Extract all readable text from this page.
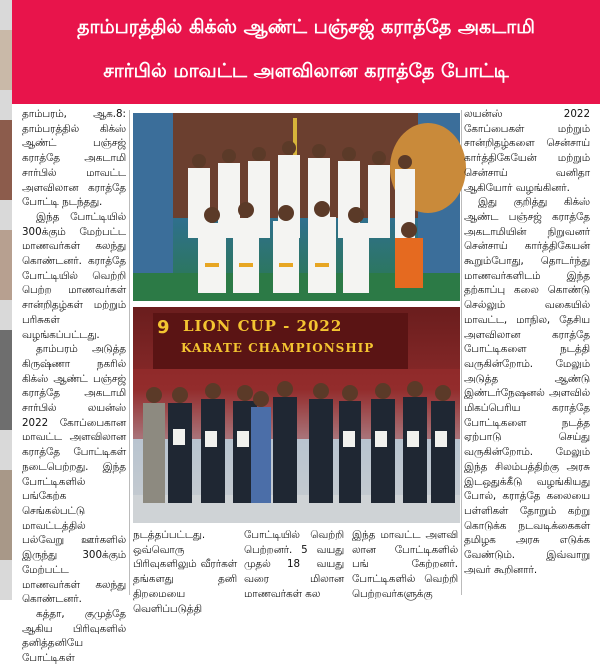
தாம்பரத்தில் கிக்ஸ் ஆண்ட் பஞ்சஜ் கராத்தே அகடாமி
சார்பில் மாவட்ட அளவிலான கராத்தே போட்டி

தாம்பரம், ஆக.8: தாம்பரத்தில் கிக்ஸ் ஆண்ட் பஞ்சஜ் கராத்தே அகடாமி சார்பில் மாவட்ட அளவிலான கராத்தே போட்டி நடந்தது.

இந்த போட்டியில் 300க்கும் மேற்பட்ட மாணவர்கள் கலந்து கொண்டனர். கராத்தே போட்டியில் வெற்றி பெற்ற மாணவர்கள் சான்றிதழ்கள் மற்றும் பரிசுகள் வழங்கப்பட்டது.

தாம்பரம் அடுத்த கிருஷ்ணா நகரில் கிக்ஸ் ஆண்ட் பஞ்சஜ் கராத்தே அகடாமி சார்பில் லயன்ஸ் 2022 கோப்பைகான மாவட்ட அளவிலான கராத்தே போட்டிகள் நடைபெற்றது. இந்த போட்டிகளில் பங்கேற்க செங்கல்பட்டு மாவட்டத்தில் பல்வேறு ஊர்களில் இருந்து 300க்கும் மேற்பட்ட மாணவர்கள் கலந்து கொண்டனர்.

கத்தா, குமுத்தே ஆகிய பிரிவுகளில் தனித்தனியே போட்டிகள்

9 LION CUP - 2022
KARATE CHAMPIONSHIP

நடத்தப்பட்டது. ஒவ்வொரு பிரிவுகளிலும் வீரர்கள் தங்களது தனி திறமையை வெளிப்படுத்தி

போட்டியில் வெற்றி பெற்றனர். 5 வயது முதல் 18 வயது வரை மிலான மாணவர்கள் கல

இந்த மாவட்ட அளவி லான போட்டிகளில் பங் கேற்றனர். போட்டிகளில் வெற்றி பெற்றவர்களுக்கு

லயன்ஸ் 2022 கோப்பைகள் மற்றும் சான்றிதழ்களை சென்சாய் கார்த்திகேயேன் மற்றும் சென்சாய் வனிதா ஆகியோர் வழங்கினர்.

இது குறித்து கிக்ஸ் ஆண்ட பஞ்சஜ் கராத்தே அகடாமியின் நிறுவனர் சென்சாய் கார்த்திகேயன் கூறும்போது, தொடர்ந்து மாணவர்களிடம் இந்த தற்காப்பு கலை கொண்டு செல்லும் வகையில் மாவட்ட, மாநில, தேசிய அளவிலான கராத்தே போட்டிகளை நடத்தி வருகின்றோம். மேலும் அடுத்த ஆண்டு இண்டர்நேஷனல் அளவில் மிகப்பெரிய கராத்தே போட்டிகளை நடத்த ஏற்பாடு செய்து வருகின்றோம். மேலும் இந்த சிலம்பத்திற்கு அரசு இடஒதுக்கீடு வழங்கியது போல், கராத்தே கலையை பள்ளிகள் தோறும் கற்று கொடுக்க நடவடிக்கைகள் தமிழக அரசு எடுக்க வேண்டும். இவ்வாறு அவர் கூறினார்.
